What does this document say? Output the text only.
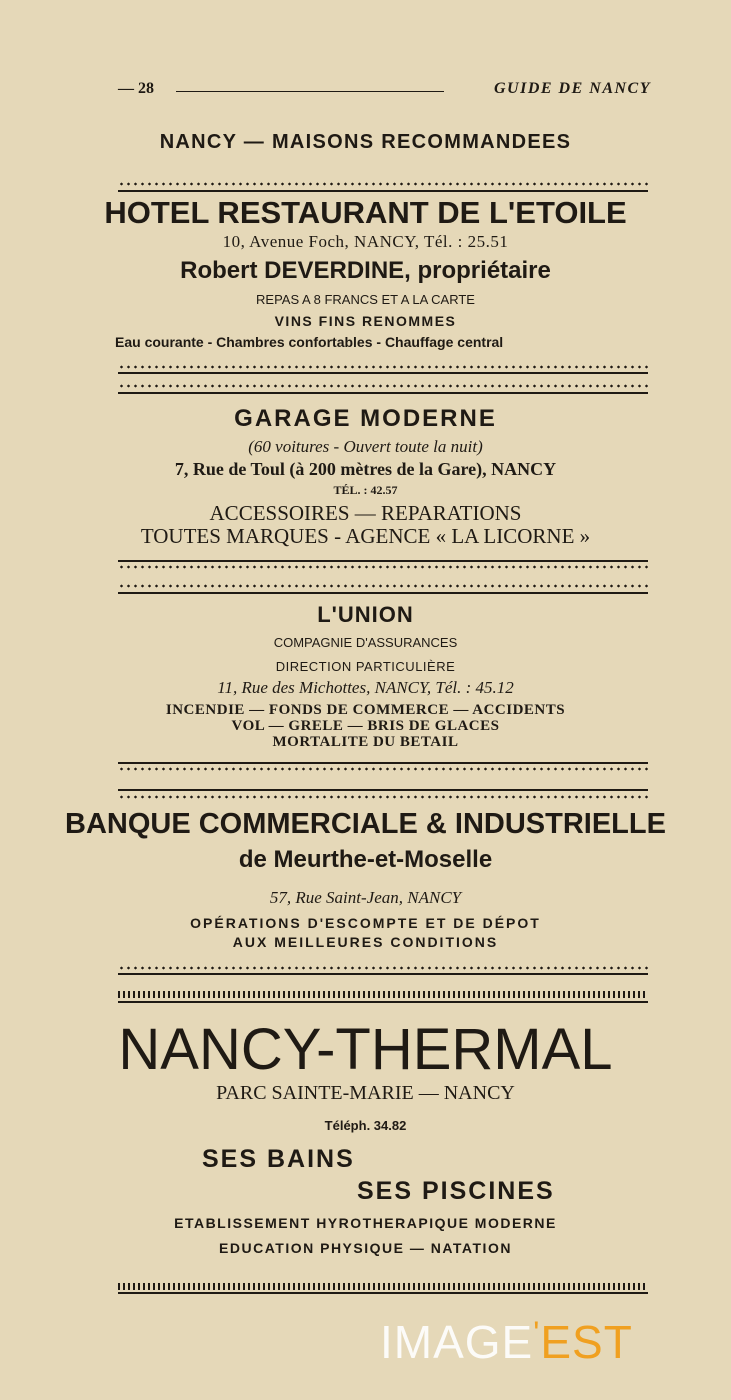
— 28	GUIDE DE NANCY
NANCY — MAISONS RECOMMANDEES
HOTEL RESTAURANT DE L'ETOILE
10, Avenue Foch, NANCY, Tél. : 25.51
Robert DEVERDINE, propriétaire
REPAS A 8 FRANCS ET A LA CARTE
VINS FINS RENOMMES
Eau courante - Chambres confortables - Chauffage central
GARAGE MODERNE
(60 voitures - Ouvert toute la nuit)
7, Rue de Toul (à 200 mètres de la Gare), NANCY
TÉL. : 42.57
ACCESSOIRES — REPARATIONS
TOUTES MARQUES - AGENCE « LA LICORNE »
L'UNION
COMPAGNIE D'ASSURANCES
DIRECTION PARTICULIÈRE
11, Rue des Michottes, NANCY, Tél. : 45.12
INCENDIE — FONDS DE COMMERCE — ACCIDENTS
VOL — GRELE — BRIS DE GLACES
MORTALITE DU BETAIL
BANQUE COMMERCIALE & INDUSTRIELLE
de Meurthe-et-Moselle
57, Rue Saint-Jean, NANCY
OPÉRATIONS D'ESCOMPTE ET DE DÉPOT
AUX MEILLEURES CONDITIONS
NANCY-THERMAL
PARC SAINTE-MARIE — NANCY
Téléph. 34.82
SES BAINS
SES PISCINES
ETABLISSEMENT HYROTHERAPIQUE MODERNE
EDUCATION PHYSIQUE — NATATION
IMAGE'EST
